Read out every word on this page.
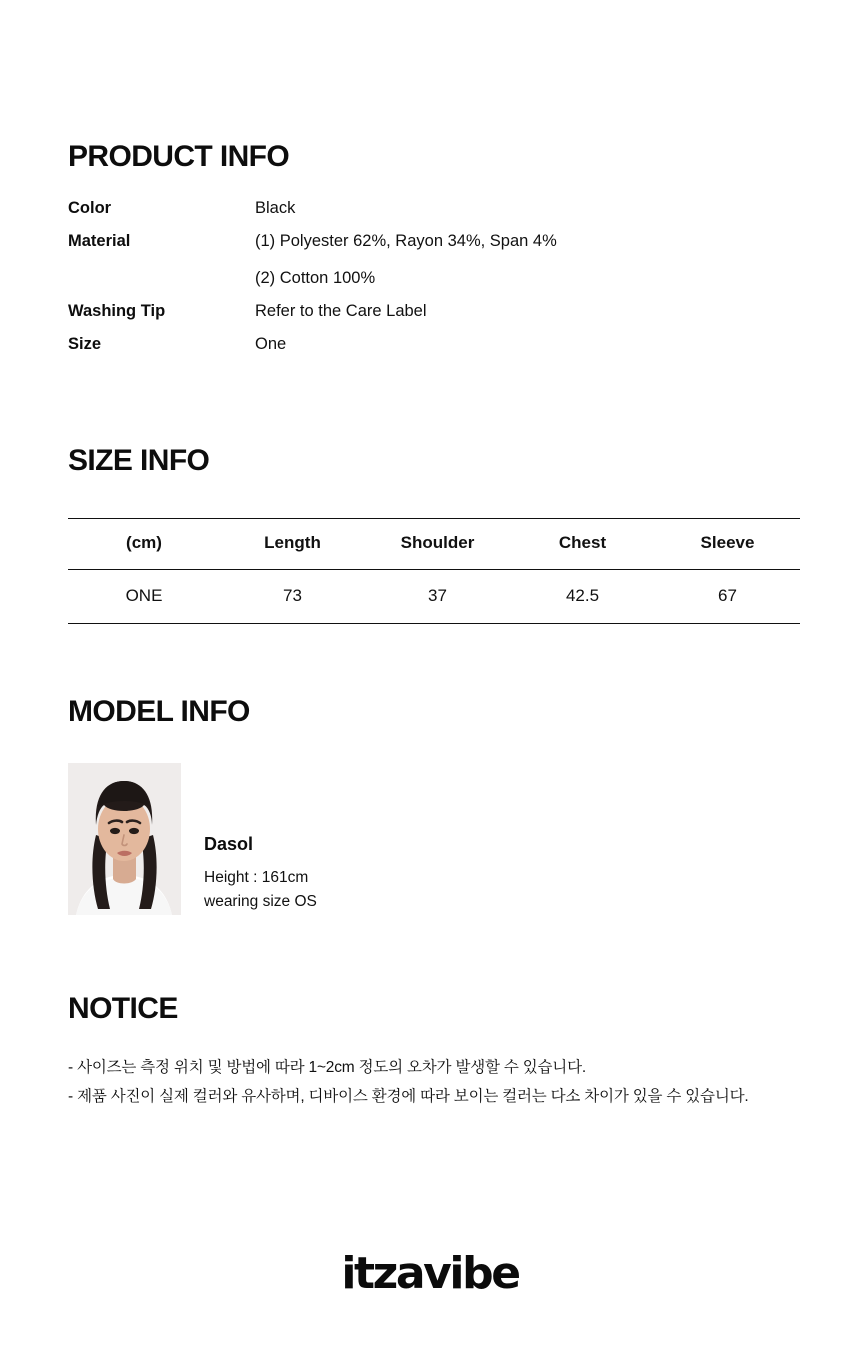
PRODUCT INFO
Color	Black
Material	(1) Polyester 62%, Rayon 34%, Span 4%
(2) Cotton 100%
Washing Tip	Refer to the Care Label
Size	One
SIZE INFO
(cm)	Length	Shoulder	Chest	Sleeve
ONE	73	37	42.5	67
MODEL INFO
Dasol
Height : 161cm
wearing size OS
NOTICE
- 사이즈는 측정 위치 및 방법에 따라 1~2cm 정도의 오차가 발생할 수 있습니다.
- 제품 사진이 실제 컬러와 유사하며, 디바이스 환경에 따라 보이는 컬러는 다소 차이가 있을 수 있습니다.
itzavibe
